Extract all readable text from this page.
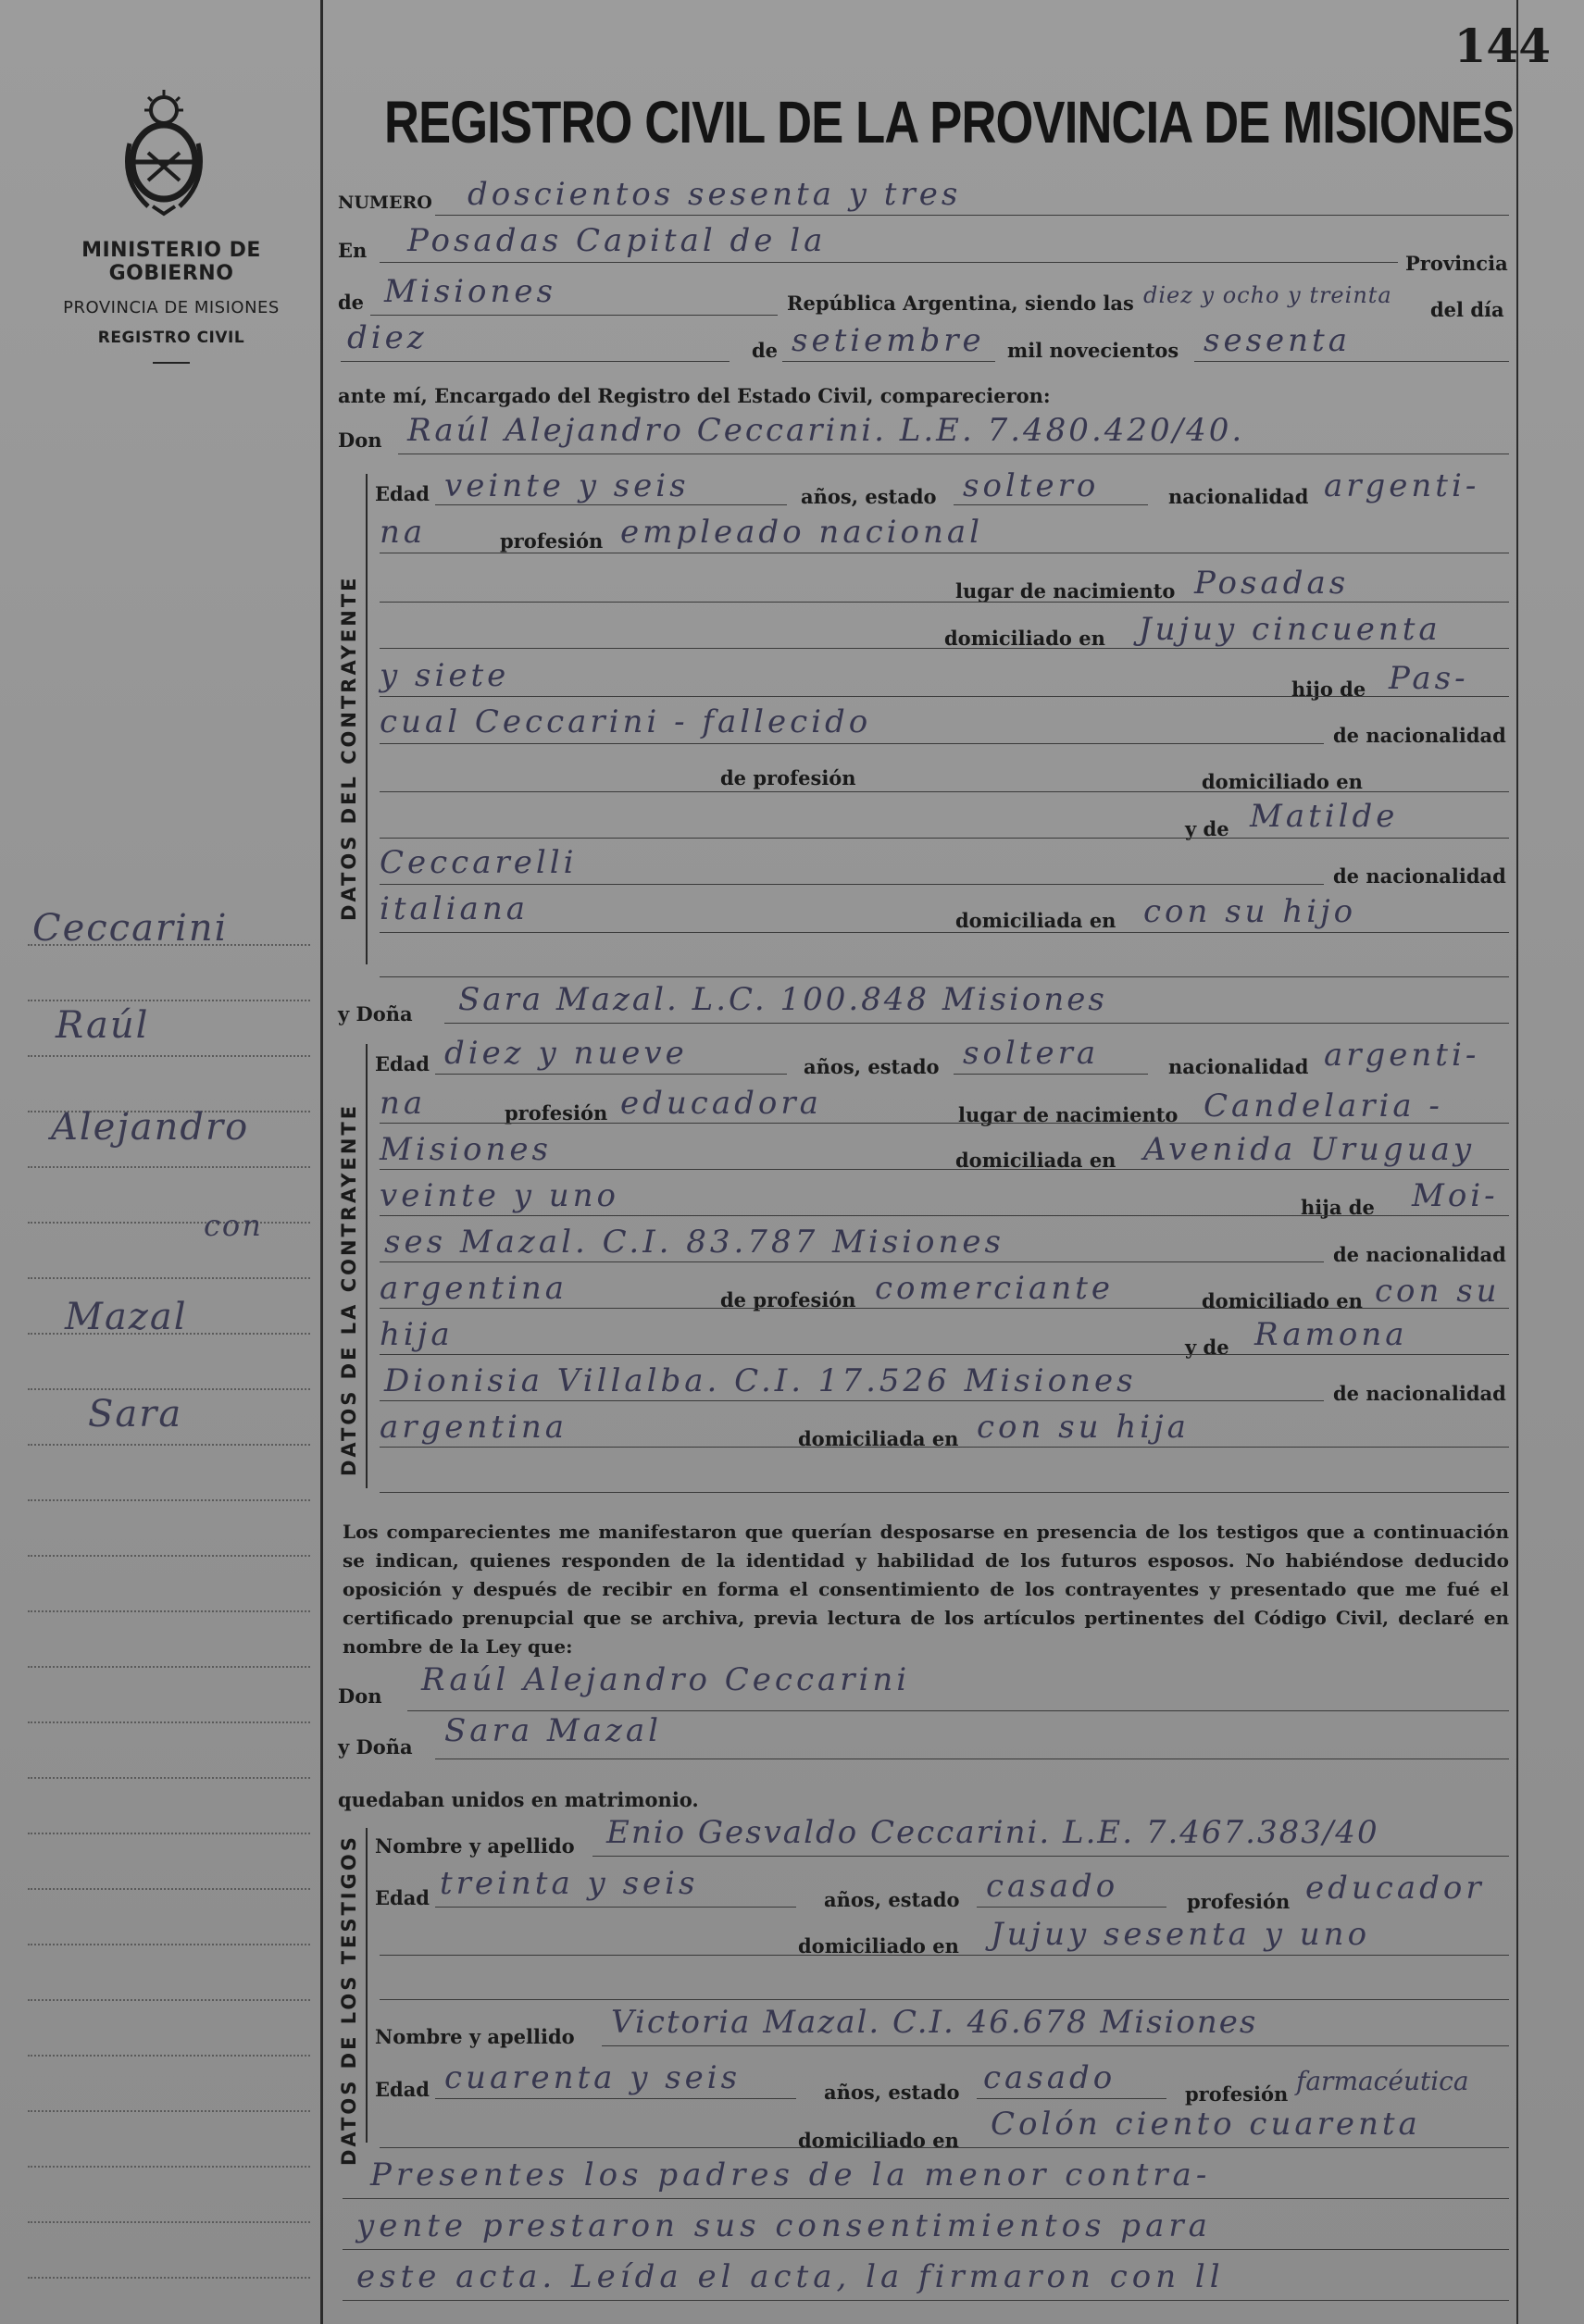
MINISTERIO DE GOBIERNO
PROVINCIA DE MISIONES
REGISTRO CIVIL
Ceccarini
Raúl
Alejandro
con
Mazal
Sara
144
REGISTRO CIVIL DE LA PROVINCIA DE MISIONES
NUMERO doscientos sesenta y tres
En Posadas Capital de la
Provincia
de Misiones	República Argentina, siendo las diez y ocho y treinta
del día
diez	de setiembre mil novecientos sesenta
ante mí, Encargado del Registro del Estado Civil, comparecieron:
Don Raúl Alejandro Ceccarini. L.E. 7.480.420/40.
DATOS DEL CONTRAYENTE
Edad veinte y seis	años, estado soltero	nacionalidad argenti-
na	profesión empleado nacional
lugar de nacimiento Posadas
domiciliado en Jujuy cincuenta
y siete	hijo de Pas-
cual Ceccarini - fallecido	de nacionalidad
de profesión	domiciliado en
y de Matilde
Ceccarelli	de nacionalidad
italiana	domiciliada en con su hijo
y Doña Sara Mazal. L.C. 100.848 Misiones
DATOS DE LA CONTRAYENTE
Edad diez y nueve	años, estado soltera	nacionalidad argenti-
na	profesión educadora	lugar de nacimiento Candelaria -
Misiones	domiciliada en Avenida Uruguay
veinte y uno	hija de Moi-
ses Mazal. C.I. 83.787 Misiones	de nacionalidad
argentina	de profesión comerciante	domiciliado en con su
hija	y de Ramona
Dionisia Villalba. C.I. 17.526 Misiones	de nacionalidad
argentina	domiciliada en con su hija
Los comparecientes me manifestaron que querían desposarse en presencia de los testigos que a continuación se indican, quienes responden de la identidad y habilidad de los futuros esposos. No habiéndose deducido oposición y después de recibir en forma el consentimiento de los contrayentes y presentado que me fué el certificado prenupcial que se archiva, previa lectura de los artículos pertinentes del Código Civil, declaré en nombre de la Ley que:
Don Raúl Alejandro Ceccarini
y Doña Sara Mazal
quedaban unidos en matrimonio.
DATOS DE LOS TESTIGOS Nombre y apellido Enio Gesvaldo Ceccarini. L.E. 7.467.383/40
Edad treinta y seis	años, estado casado	profesión educador
domiciliado en Jujuy sesenta y uno
Nombre y apellido Victoria Mazal. C.I. 46.678 Misiones
Edad cuarenta y seis	años, estado casado	profesión farmacéutica
domiciliado en Colón ciento cuarenta
Presentes los padres de la menor contra-
yente prestaron sus consentimientos para
este acta. Leída el acta, la firmaron con ll
